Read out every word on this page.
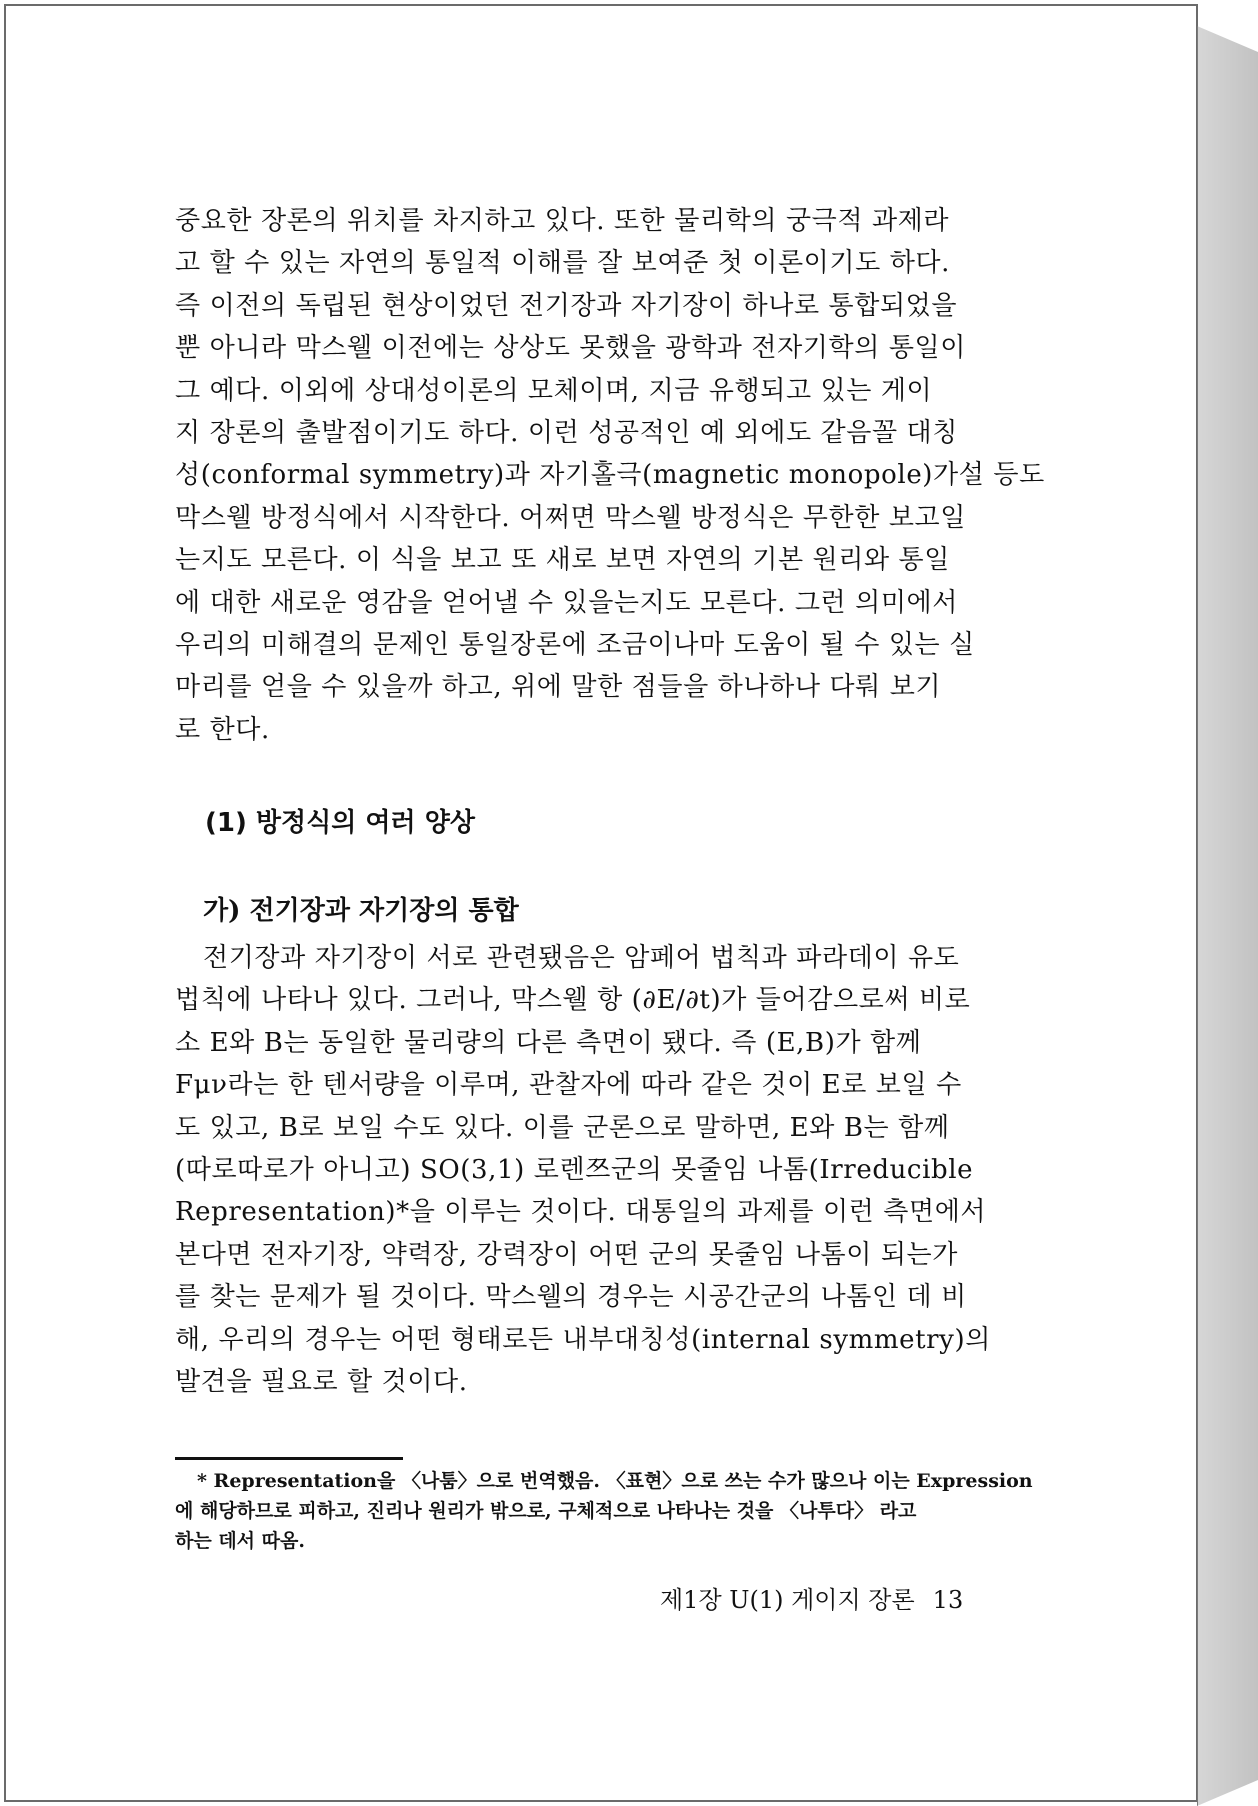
중요한 장론의 위치를 차지하고 있다. 또한 물리학의 궁극적 과제라
고 할 수 있는 자연의 통일적 이해를 잘 보여준 첫 이론이기도 하다.
즉 이전의 독립된 현상이었던 전기장과 자기장이 하나로 통합되었을
뿐 아니라 막스웰 이전에는 상상도 못했을 광학과 전자기학의 통일이
그 예다. 이외에 상대성이론의 모체이며, 지금 유행되고 있는 게이
지 장론의 출발점이기도 하다. 이런 성공적인 예 외에도 같음꼴 대칭
성(conformal symmetry)과 자기홀극(magnetic monopole)가설 등도
막스웰 방정식에서 시작한다. 어쩌면 막스웰 방정식은 무한한 보고일
는지도 모른다. 이 식을 보고 또 새로 보면 자연의 기본 원리와 통일
에 대한 새로운 영감을 얻어낼 수 있을는지도 모른다. 그런 의미에서
우리의 미해결의 문제인 통일장론에 조금이나마 도움이 될 수 있는 실
마리를 얻을 수 있을까 하고, 위에 말한 점들을 하나하나 다뤄 보기
로 한다.

(1) 방정식의 여러 양상
가) 전기장과 자기장의 통합
전기장과 자기장이 서로 관련됐음은 암페어 법칙과 파라데이 유도
법칙에 나타나 있다. 그러나, 막스웰 항 (∂E/∂t)가 들어감으로써 비로
소 E와 B는 동일한 물리량의 다른 측면이 됐다. 즉 (E,B)가 함께
Fμν라는 한 텐서량을 이루며, 관찰자에 따라 같은 것이 E로 보일 수
도 있고, B로 보일 수도 있다. 이를 군론으로 말하면, E와 B는 함께
(따로따로가 아니고) SO(3,1) 로렌쯔군의 못줄임 나톰(Irreducible
Representation)*을 이루는 것이다. 대통일의 과제를 이런 측면에서
본다면 전자기장, 약력장, 강력장이 어떤 군의 못줄임 나톰이 되는가
를 찾는 문제가 될 것이다. 막스웰의 경우는 시공간군의 나톰인 데 비
해, 우리의 경우는 어떤 형태로든 내부대칭성(internal symmetry)의
발견을 필요로 할 것이다.
* Representation을 〈나툼〉으로 번역했음. 〈표현〉으로 쓰는 수가 많으나 이는 Expression
에 해당하므로 피하고, 진리나 원리가 밖으로, 구체적으로 나타나는 것을 〈나투다〉 라고
하는 데서 따옴.
제1장 U(1) 게이지 장론 13
